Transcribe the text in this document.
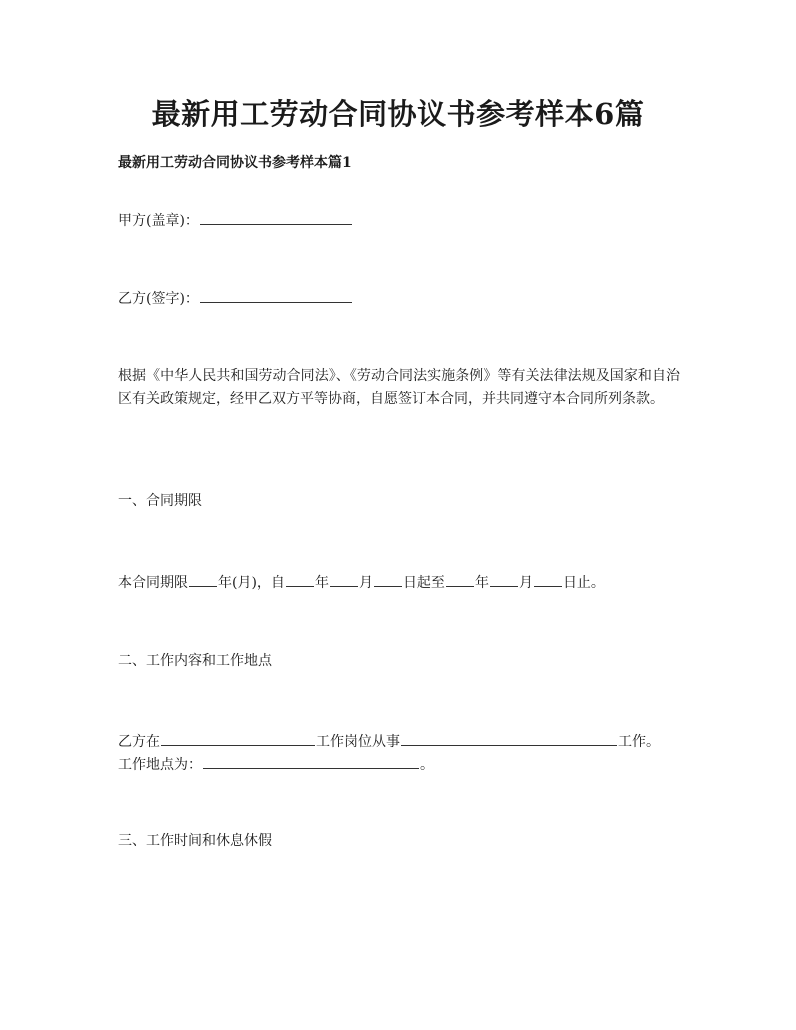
最新用工劳动合同协议书参考样本6篇
最新用工劳动合同协议书参考样本篇1
甲方(盖章)：
乙方(签字)：
根据《中华人民共和国劳动合同法》、《劳动合同法实施条例》等有关法律法规及国家和自治区有关政策规定，经甲乙双方平等协商，自愿签订本合同，并共同遵守本合同所列条款。
一、合同期限
本合同期限 年(月)，自 年 月 日起至 年 月 日止。
二、工作内容和工作地点
乙方在	工作岗位从事	工作。
工作地点为：	。
三、工作时间和休息休假
